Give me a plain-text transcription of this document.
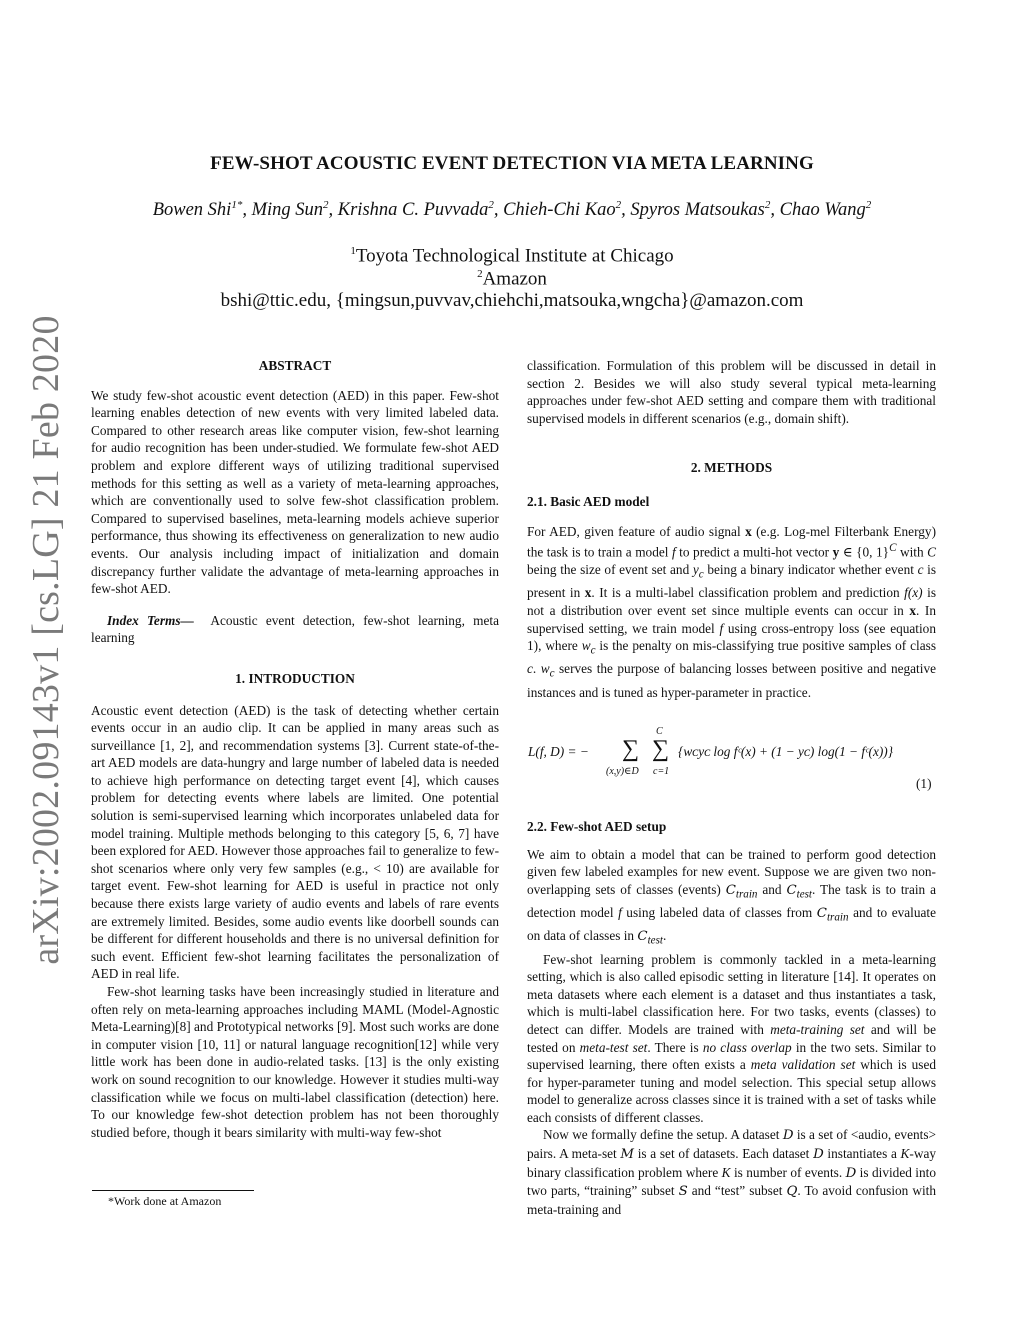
FEW-SHOT ACOUSTIC EVENT DETECTION VIA META LEARNING
Bowen Shi$^{1*}$, Ming Sun$^2$, Krishna C. Puvvada$^2$, Chieh-Chi Kao$^2$, Spyros Matsoukas$^2$, Chao Wang$^2$
$^1$Toyota Technological Institute at Chicago
$^2$Amazon
bshi@ttic.edu, {mingsun,puvvav,chiehchi,matsouka,wngcha}@amazon.com
arXiv:2002.09143v1 [cs.LG] 21 Feb 2020	ABSTRACT

We study few-shot acoustic event detection (AED) in this paper. Few-shot learning enables detection of new events with very limited labeled data. Compared to other research areas like computer vision, few-shot learning for audio recognition has been under-studied. We formulate few-shot AED problem and explore different ways of utilizing traditional supervised methods for this setting as well as a variety of meta-learning approaches, which are conventionally used to solve few-shot classification problem. Compared to supervised baselines, meta-learning models achieve superior performance, thus showing its effectiveness on generalization to new audio events. Our analysis including impact of initialization and domain discrepancy further validate the advantage of meta-learning approaches in few-shot AED.

Index Terms— Acoustic event detection, few-shot learning, meta learning

1. INTRODUCTION

Acoustic event detection (AED) is the task of detecting whether certain events occur in an audio clip. It can be applied in many areas such as surveillance [1, 2], and recommendation systems [3]. Current state-of-the-art AED models are data-hungry and large number of labeled data is needed to achieve high performance on detecting target event [4], which causes problem for detecting events where labels are limited. One potential solution is semi-supervised learning which incorporates unlabeled data for model training. Multiple methods belonging to this category [5, 6, 7] have been explored for AED. However those approaches fail to generalize to few-shot scenarios where only very few samples (e.g., < 10) are available for target event. Few-shot learning for AED is useful in practice not only because there exists large variety of audio events and labels of rare events are extremely limited. Besides, some audio events like doorbell sounds can be different for different households and there is no universal definition for such event. Efficient few-shot learning facilitates the personalization of AED in real life.

Few-shot learning tasks have been increasingly studied in literature and often rely on meta-learning approaches including MAML (Model-Agnostic Meta-Learning)[8] and Prototypical networks [9]. Most such works are done in computer vision [10, 11] or natural language recognition[12] while very little work has been done in audio-related tasks. [13] is the only existing work on sound recognition to our knowledge. However it studies multi-way classification while we focus on multi-label classification (detection) here. To our knowledge few-shot detection problem has not been thoroughly studied before, though it bears similarity with multi-way few-shot

*Work done at Amazon

classification. Formulation of this problem will be discussed in detail in section 2. Besides we will also study several typical meta-learning approaches under few-shot AED setting and compare them with traditional supervised models in different scenarios (e.g., domain shift).

2. METHODS

2.1. Basic AED model

For AED, given feature of audio signal x (e.g. Log-mel Filterbank Energy) the task is to train a model f to predict a multi-hot vector y ∈ {0, 1}$^C$ with C being the size of event set and $y_c$ being a binary indicator whether event c is present in x. It is a multi-label classification problem and prediction f(x) is not a distribution over event set since multiple events can occur in x. In supervised setting, we train model f using cross-entropy loss (see equation 1), where $w_c$ is the penalty on mis-classifying true positive samples of class c. $w_c$ serves the purpose of balancing losses between positive and negative instances and is tuned as hyper-parameter in practice.

L(f, D) = − ∑
(x,y)∈D
C
∑
c=1
{wᴄyᴄ log fᶜ(x) + (1 − yᴄ) log(1 − fᶜ(x))}
(1)

2.2. Few-shot AED setup

We aim to obtain a model that can be trained to perform good detection given few labeled examples for new event. Suppose we are given two non-overlapping sets of classes (events) $C_{train}$ and $C_{test}$. The task is to train a detection model f using labeled data of classes from $C_{train}$ and to evaluate on data of classes in $C_{test}$.

Few-shot learning problem is commonly tackled in a meta-learning setting, which is also called episodic setting in literature [14]. It operates on meta datasets where each element is a dataset and thus instantiates a task, which is multi-label classification here. For two tasks, events (classes) to detect can differ. Models are trained with meta-training set and will be tested on meta-test set. There is no class overlap in the two sets. Similar to supervised learning, there often exists a meta validation set which is used for hyper-parameter tuning and model selection. This special setup allows model to generalize across classes since it is trained with a set of tasks while each consists of different classes.

Now we formally define the setup. A dataset D is a set of <audio, events> pairs. A meta-set M is a set of datasets. Each dataset D instantiates a K-way binary classification problem where K is number of events. D is divided into two parts, “training” subset S and “test” subset Q. To avoid confusion with meta-training and
